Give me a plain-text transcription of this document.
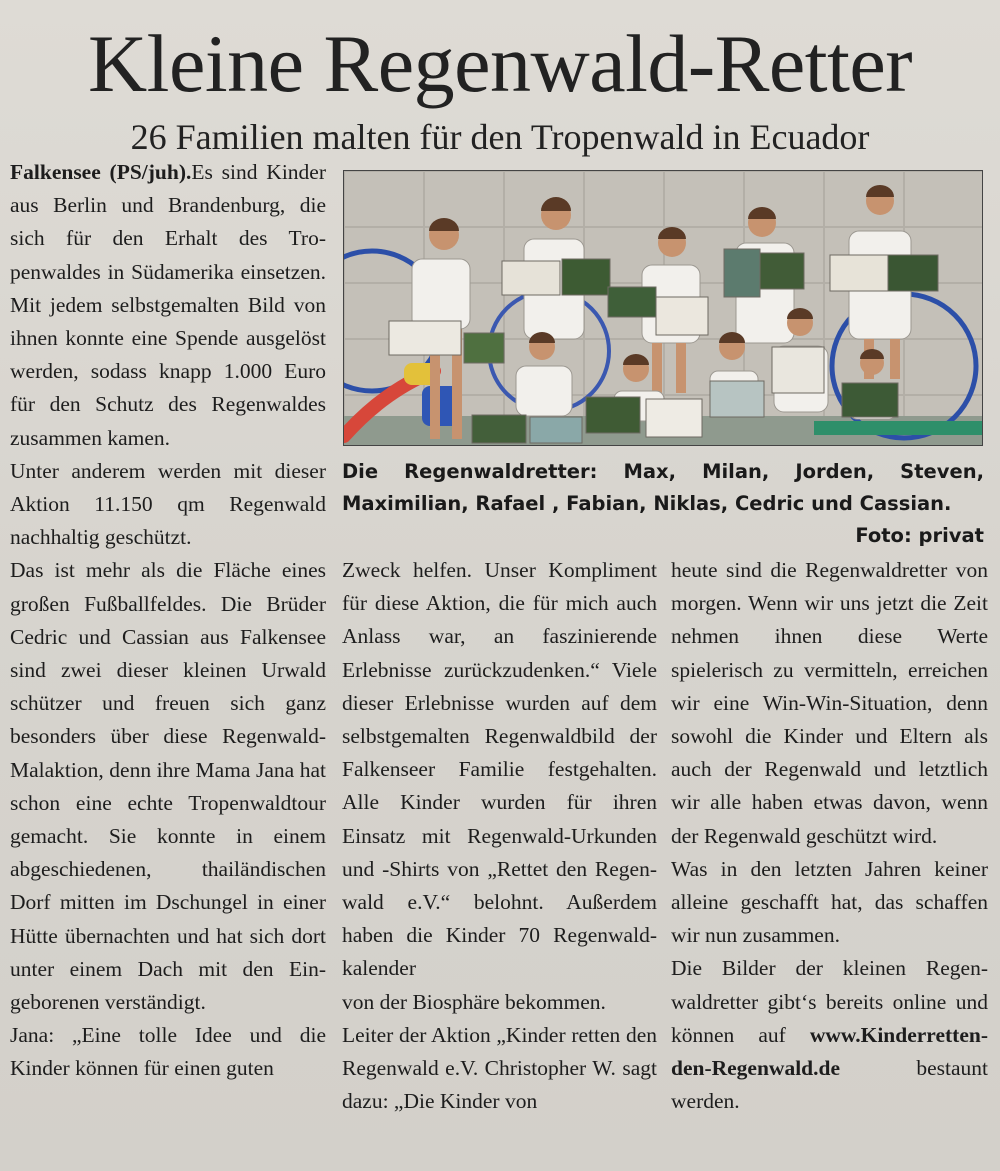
Kleine Regenwald-Retter
26 Familien malten für den Tropenwald in Ecuador

Falkensee (PS/juh).Es sind Kinder aus Berlin und Brandenburg, die sich für den Erhalt des Tropenwaldes in Südamerika einsetzen. Mit jedem selbstgemalten Bild von ihnen konnte eine Spende ausgelöst werden, sodass knapp 1.000 Euro für den Schutz des Regenwaldes zusammen kamen.

Unter anderem werden mit dieser Aktion 11.150 qm Regenwald nachhaltig geschützt.

Das ist mehr als die Fläche eines großen Fußballfeldes. Die Brüder Cedric und Cassian aus Falkensee sind zwei dieser kleinen Urwald schützer und freuen sich ganz besonders über diese Regenwald-Malaktion, denn ihre Mama Jana hat schon eine echte Tropenwaldtour gemacht. Sie konnte in einem abgeschiedenen, thailändischen Dorf mitten im Dschungel in einer Hütte übernachten und hat sich dort unter einem Dach mit den Eingeborenen verständigt.

Jana: „Eine tolle Idee und die Kinder können für einen guten

Die Regenwaldretter: Max, Milan, Jorden, Steven, Maximilian, Rafael , Fabian, Niklas, Cedric und Cassian.
Foto: privat

Zweck helfen. Unser Kompliment für diese Aktion, die für mich auch Anlass war, an faszinierende Erlebnisse zurückzudenken.“ Viele dieser Erlebnisse wurden auf dem selbstgemalten Regenwaldbild der Falkenseer Familie festgehalten. Alle Kinder wurden für ihren Einsatz mit Regenwald-Urkunden und -Shirts von „Rettet den Regenwald e.V.“ belohnt. Außerdem haben die Kinder 70 Regenwaldkalender

von der Biosphäre bekommen.

Leiter der Aktion „Kinder retten den Regenwald e.V. Christopher W. sagt dazu: „Die Kinder von

heute sind die Regenwaldretter von morgen. Wenn wir uns jetzt die Zeit nehmen ihnen diese Werte spielerisch zu vermitteln, erreichen wir eine Win-Win-Situation, denn sowohl die Kinder und Eltern als auch der Regenwald und letztlich wir alle haben etwas davon, wenn der Regenwald geschützt wird.

Was in den letzten Jahren keiner alleine geschafft hat, das schaffen wir nun zusammen.

Die Bilder der kleinen Regenwaldretter gibt‘s bereits online und können auf www.Kinderretten-den-Regenwald.de	bestaunt werden.
